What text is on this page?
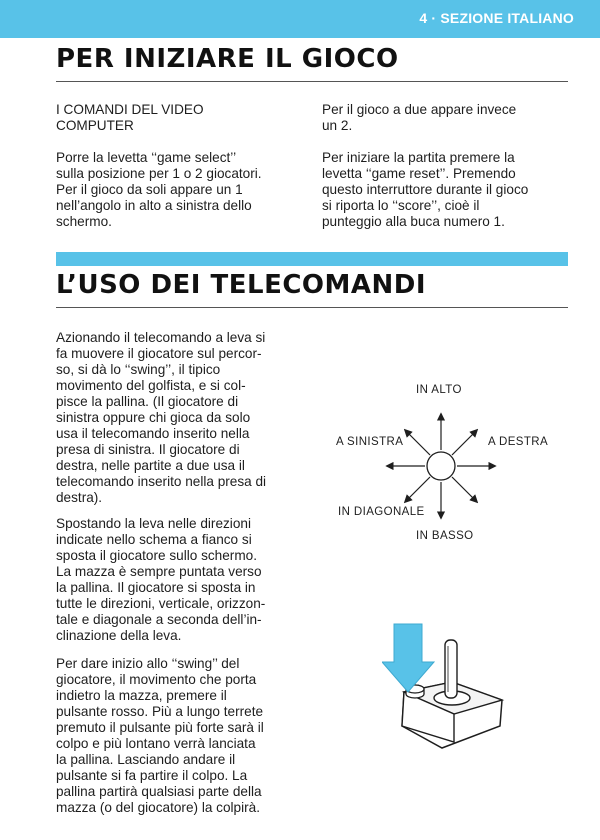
4 · SEZIONE ITALIANO
PER INIZIARE IL GIOCO

I COMANDI DEL VIDEO
COMPUTER

Porre la levetta ‘‘game select’’
sulla posizione per 1 o 2 giocatori.
Per il gioco da soli appare un 1
nell’angolo in alto a sinistra dello
schermo.

Per il gioco a due appare invece
un 2.

Per iniziare la partita premere la
levetta ‘‘game reset’’. Premendo
questo interruttore durante il gioco
si riporta lo ‘‘score’’, cioè il
punteggio alla buca numero 1.

L’USO DEI TELECOMANDI

Azionando il telecomando a leva si
fa muovere il giocatore sul percor-
so, si dà lo ‘‘swing’’, il tipico
movimento del golfista, e si col-
pisce la pallina. (Il giocatore di
sinistra oppure chi gioca da solo
usa il telecomando inserito nella
presa di sinistra. Il giocatore di
destra, nelle partite a due usa il
telecomando inserito nella presa di
destra).

Spostando la leva nelle direzioni
indicate nello schema a fianco si
sposta il giocatore sullo schermo.
La mazza è sempre puntata verso
la pallina. Il giocatore si sposta in
tutte le direzioni, verticale, orizzon-
tale e diagonale a seconda dell’in-
clinazione della leva.

Per dare inizio allo ‘‘swing’’ del
giocatore, il movimento che porta
indietro la mazza, premere il
pulsante rosso. Più a lungo terrete
premuto il pulsante più forte sarà il
colpo e più lontano verrà lanciata
la pallina. Lasciando andare il
pulsante si fa partire il colpo. La
pallina partirà qualsiasi parte della
mazza (o del giocatore) la colpirà.

IN ALTO

A SINISTRA	A DESTRA

IN DIAGONALE

IN BASSO
